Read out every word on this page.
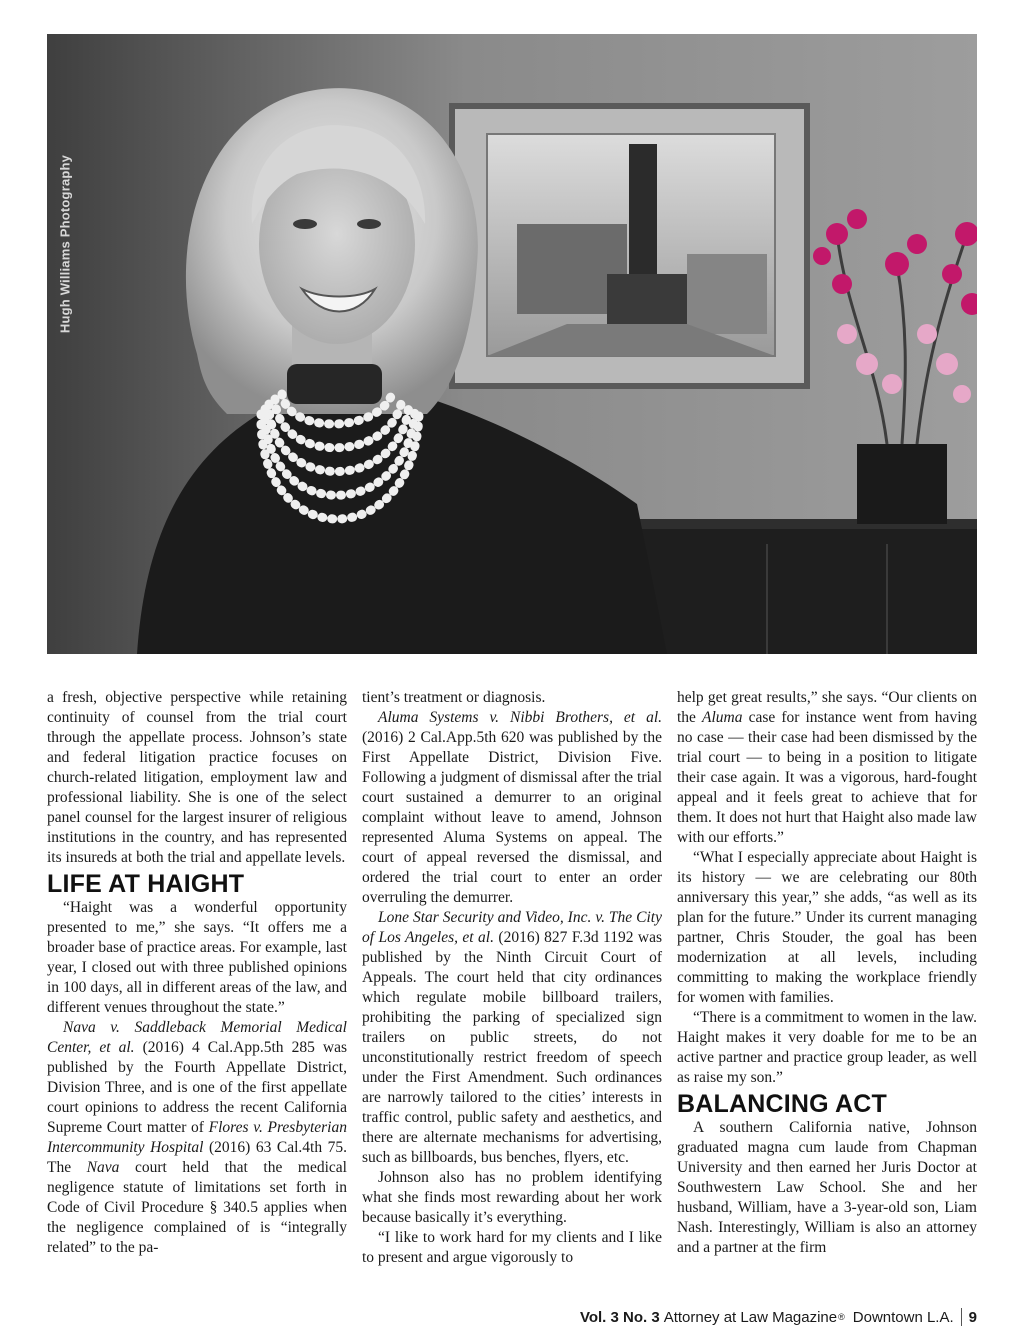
Hugh Williams Photography

a fresh, objective perspective while retaining continuity of counsel from the trial court through the appellate process. Johnson’s state and federal litigation practice focuses on church-related litigation, employment law and professional liability. She is one of the select panel counsel for the largest insurer of religious institutions in the country, and has represented its insureds at both the trial and appellate levels.

LIFE AT HAIGHT

“Haight was a wonderful opportunity presented to me,” she says. “It offers me a broader base of practice areas. For example, last year, I closed out with three published opinions in 100 days, all in different areas of the law, and different venues throughout the state.”

Nava v. Saddleback Memorial Medical Center, et al. (2016) 4 Cal.App.5th 285 was published by the Fourth Appellate District, Division Three, and is one of the first appellate court opinions to address the recent California Supreme Court matter of Flores v. Presbyterian Intercommunity Hospital (2016) 63 Cal.4th 75. The Nava court held that the medical negligence statute of limitations set forth in Code of Civil Procedure § 340.5 applies when the negligence complained of is “integrally related” to the pa-

tient’s treatment or diagnosis.

Aluma Systems v. Nibbi Brothers, et al. (2016) 2 Cal.App.5th 620 was published by the First Appellate District, Division Five. Following a judgment of dismissal after the trial court sustained a demurrer to an original complaint without leave to amend, Johnson represented Aluma Systems on appeal. The court of appeal reversed the dismissal, and ordered the trial court to enter an order overruling the demurrer.

Lone Star Security and Video, Inc. v. The City of Los Angeles, et al. (2016) 827 F.3d 1192 was published by the Ninth Circuit Court of Appeals. The court held that city ordinances which regulate mobile billboard trailers, prohibiting the parking of specialized sign trailers on public streets, do not unconstitutionally restrict freedom of speech under the First Amendment. Such ordinances are narrowly tailored to the cities’ interests in traffic control, public safety and aesthetics, and there are alternate mechanisms for advertising, such as billboards, bus benches, flyers, etc.

Johnson also has no problem identifying what she finds most rewarding about her work because basically it’s everything.

“I like to work hard for my clients and I like to present and argue vigorously to

help get great results,” she says. “Our clients on the Aluma case for instance went from having no case — their case had been dismissed by the trial court — to being in a position to litigate their case again. It was a vigorous, hard-fought appeal and it feels great to achieve that for them. It does not hurt that Haight also made law with our efforts.”

“What I especially appreciate about Haight is its history — we are celebrating our 80th anniversary this year,” she adds, “as well as its plan for the future.” Under its current managing partner, Chris Stouder, the goal has been modernization at all levels, including committing to making the workplace friendly for women with families.

“There is a commitment to women in the law. Haight makes it very doable for me to be an active partner and practice group leader, as well as raise my son.”

BALANCING ACT

A southern California native, Johnson graduated magna cum laude from Chapman University and then earned her Juris Doctor at Southwestern Law School. She and her husband, William, have a 3-year-old son, Liam Nash. Interestingly, William is also an attorney and a partner at the firm

Vol. 3 No. 3 Attorney at Law Magazine ® Downtown L.A. 9
